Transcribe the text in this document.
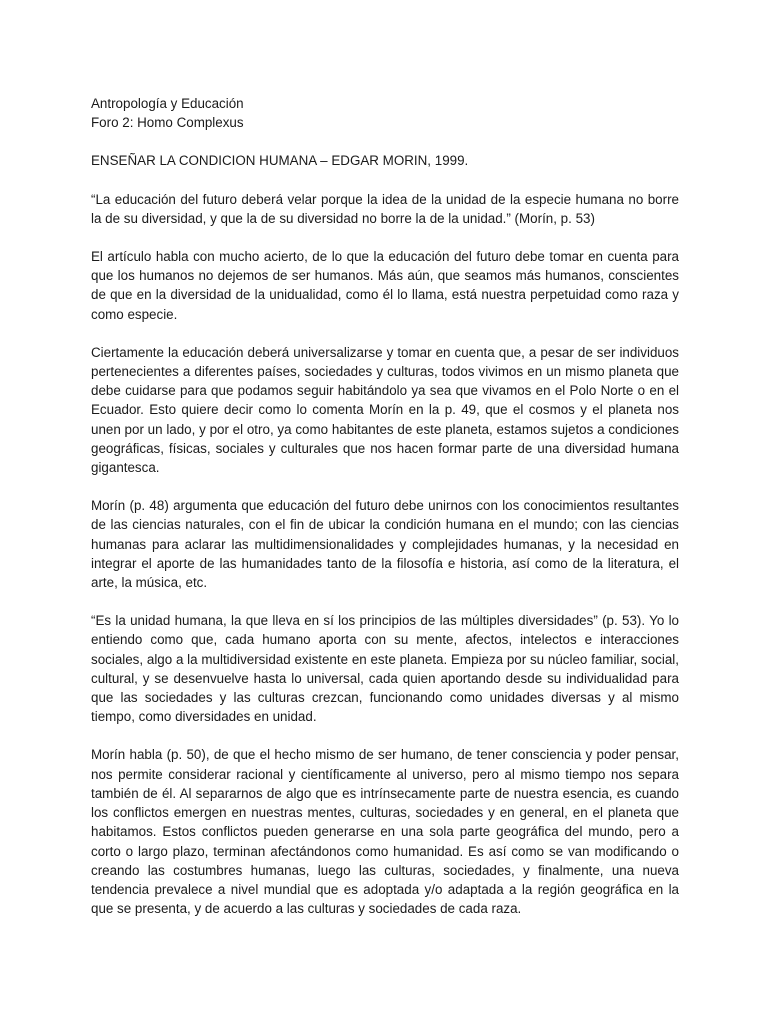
Antropología y Educación

Foro 2: Homo Complexus

ENSEÑAR LA CONDICION HUMANA – EDGAR MORIN, 1999.

“La educación del futuro deberá velar porque la idea de la unidad de la especie humana no borre la de su diversidad, y que la de su diversidad no borre la de la unidad.” (Morín, p. 53)

El artículo habla con mucho acierto, de lo que la educación del futuro debe tomar en cuenta para que los humanos no dejemos de ser humanos. Más aún, que seamos más humanos, conscientes de que en la diversidad de la unidualidad, como él lo llama, está nuestra perpetuidad como raza y como especie.

Ciertamente la educación deberá universalizarse y tomar en cuenta que, a pesar de ser individuos pertenecientes a diferentes países, sociedades y culturas, todos vivimos en un mismo planeta que debe cuidarse para que podamos seguir habitándolo ya sea que vivamos en el Polo Norte o en el Ecuador. Esto quiere decir como lo comenta Morín en la p. 49, que el cosmos y el planeta nos unen por un lado, y por el otro, ya como habitantes de este planeta, estamos sujetos a condiciones geográficas, físicas, sociales y culturales que nos hacen formar parte de una diversidad humana gigantesca.

Morín (p. 48) argumenta que educación del futuro debe unirnos con los conocimientos resultantes de las ciencias naturales, con el fin de ubicar la condición humana en el mundo; con las ciencias humanas para aclarar las multidimensionalidades y complejidades humanas, y la necesidad en integrar el aporte de las humanidades tanto de la filosofía e historia, así como de la literatura, el arte, la música, etc.

“Es la unidad humana, la que lleva en sí los principios de las múltiples diversidades” (p. 53). Yo lo entiendo como que, cada humano aporta con su mente, afectos, intelectos e interacciones sociales, algo a la multidiversidad existente en este planeta. Empieza por su núcleo familiar, social, cultural, y se desenvuelve hasta lo universal, cada quien aportando desde su individualidad para que las sociedades y las culturas crezcan, funcionando como unidades diversas y al mismo tiempo, como diversidades en unidad.

Morín habla (p. 50), de que el hecho mismo de ser humano, de tener consciencia y poder pensar, nos permite considerar racional y científicamente al universo, pero al mismo tiempo nos separa también de él. Al separarnos de algo que es intrínsecamente parte de nuestra esencia, es cuando los conflictos emergen en nuestras mentes, culturas, sociedades y en general, en el planeta que habitamos. Estos conflictos pueden generarse en una sola parte geográfica del mundo, pero a corto o largo plazo, terminan afectándonos como humanidad. Es así como se van modificando o creando las costumbres humanas, luego las culturas, sociedades, y finalmente, una nueva tendencia prevalece a nivel mundial que es adoptada y/o adaptada a la región geográfica en la que se presenta, y de acuerdo a las culturas y sociedades de cada raza.
